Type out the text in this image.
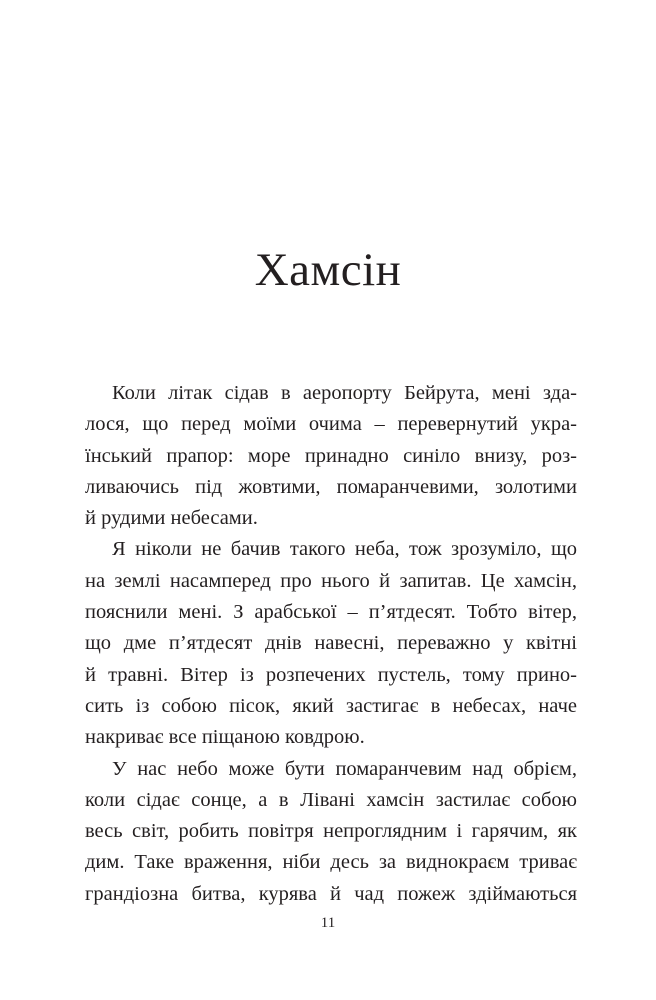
Хамсін
Коли літак сідав в аеропорту Бейрута, мені зда-
лося, що перед моїми очима – перевернутий укра-
їнський прапор: море принадно синіло внизу, роз-
ливаючись під жовтими, помаранчевими, золотими
й рудими небесами.
Я ніколи не бачив такого неба, тож зрозуміло, що
на землі насамперед про нього й запитав. Це хамсін,
пояснили мені. З арабської – п’ятдесят. Тобто вітер,
що дме п’ятдесят днів навесні, переважно у квітні
й травні. Вітер із розпечених пустель, тому прино-
сить із собою пісок, який застигає в небесах, наче
накриває все піщаною ковдрою.
У нас небо може бути помаранчевим над обрієм,
коли сідає сонце, а в Лівані хамсін застилає собою
весь світ, робить повітря непроглядним і гарячим, як
дим. Таке враження, ніби десь за виднокраєм триває
грандіозна битва, курява й чад пожеж здіймаються
11
